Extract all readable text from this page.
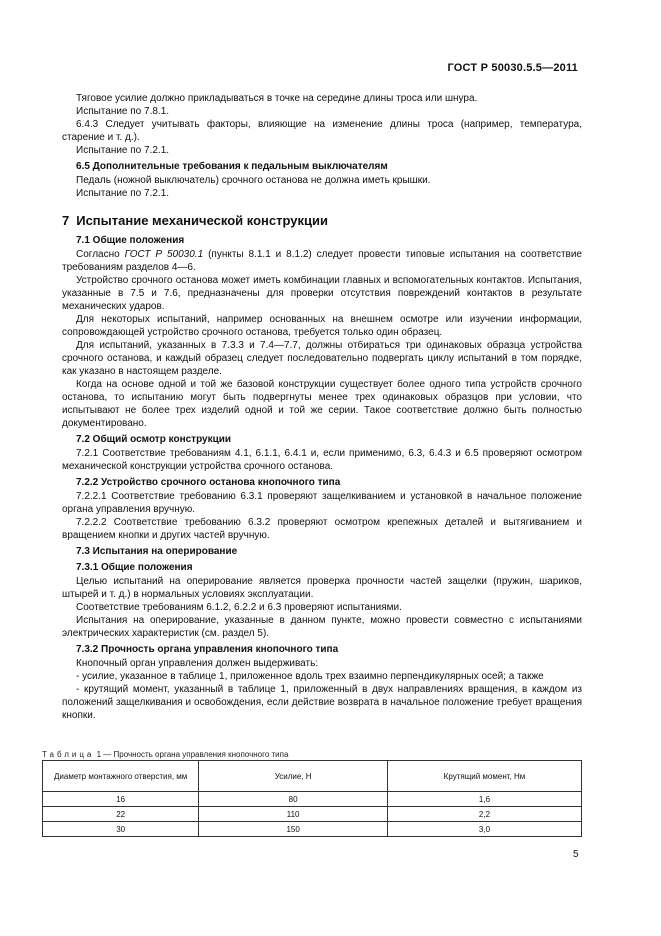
ГОСТ Р 50030.5.5—2011

Тяговое усилие должно прикладываться в точке на середине длины троса или шнура.

Испытание по 7.8.1.

6.4.3 Следует учитывать факторы, влияющие на изменение длины троса (например, температура, старение и т. д.).

Испытание по 7.2.1.

6.5 Дополнительные требования к педальным выключателям

Педаль (ножной выключатель) срочного останова не должна иметь крышки.

Испытание по 7.2.1.

7 Испытание механической конструкции

7.1 Общие положения

Согласно ГОСТ Р 50030.1 (пункты 8.1.1 и 8.1.2) следует провести типовые испытания на соответствие требованиям разделов 4—6.

Устройство срочного останова может иметь комбинации главных и вспомогательных контактов. Испытания, указанные в 7.5 и 7.6, предназначены для проверки отсутствия повреждений контактов в результате механических ударов.

Для некоторых испытаний, например основанных на внешнем осмотре или изучении информации, сопровождающей устройство срочного останова, требуется только один образец.

Для испытаний, указанных в 7.3.3 и 7.4—7.7, должны отбираться три одинаковых образца устройства срочного останова, и каждый образец следует последовательно подвергать циклу испытаний в том порядке, как указано в настоящем разделе.

Когда на основе одной и той же базовой конструкции существует более одного типа устройств срочного останова, то испытанию могут быть подвергнуты менее трех одинаковых образцов при условии, что испытывают не более трех изделий одной и той же серии. Такое соответствие должно быть полностью документировано.

7.2 Общий осмотр конструкции

7.2.1 Соответствие требованиям 4.1, 6.1.1, 6.4.1 и, если применимо, 6.3, 6.4.3 и 6.5 проверяют осмотром механической конструкции устройства срочного останова.

7.2.2 Устройство срочного останова кнопочного типа

7.2.2.1 Соответствие требованию 6.3.1 проверяют защелкиванием и установкой в начальное положение органа управления вручную.

7.2.2.2 Соответствие требованию 6.3.2 проверяют осмотром крепежных деталей и вытягиванием и вращением кнопки и других частей вручную.

7.3 Испытания на оперирование

7.3.1 Общие положения

Целью испытаний на оперирование является проверка прочности частей защелки (пружин, шариков, штырей и т. д.) в нормальных условиях эксплуатации.

Соответствие требованиям 6.1.2, 6.2.2 и 6.3 проверяют испытаниями.

Испытания на оперирование, указанные в данном пункте, можно провести совместно с испытаниями электрических характеристик (см. раздел 5).

7.3.2 Прочность органа управления кнопочного типа

Кнопочный орган управления должен выдерживать:

- усилие, указанное в таблице 1, приложенное вдоль трех взаимно перпендикулярных осей; а также

- крутящий момент, указанный в таблице 1, приложенный в двух направлениях вращения, в каждом из положений защелкивания и освобождения, если действие возврата в начальное положение требует вращения кнопки.

Таблица 1 — Прочность органа управления кнопочного типа
Диаметр монтажного отверстия, мм	Усилие, Н	Крутящий момент, Нм
16	80	1,6
22	110	2,2
30	150	3,0
5
